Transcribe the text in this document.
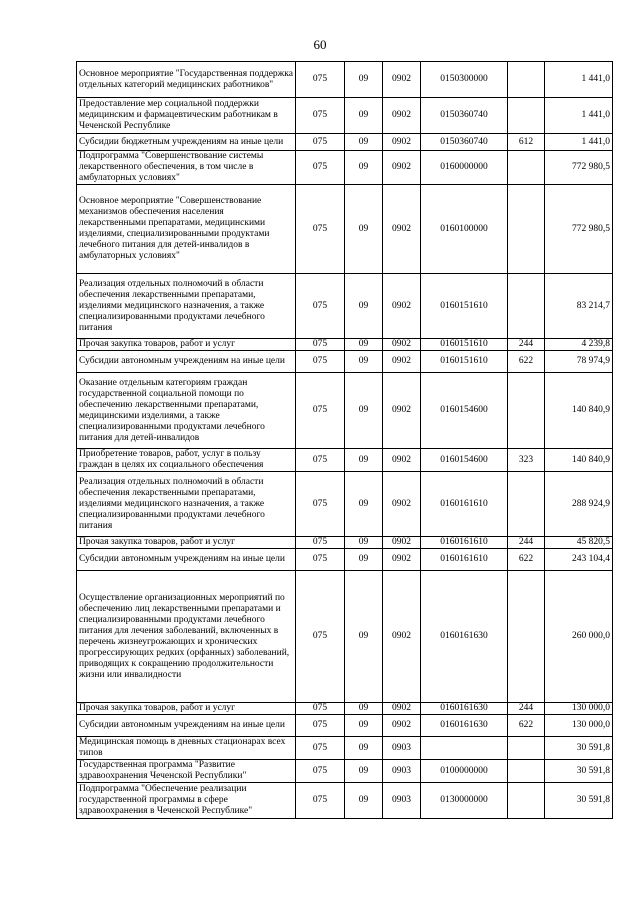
60
Основное мероприятие "Государственная поддержка отдельных категорий медицинских работников"	075	09	0902	0150300000		1 441,0
Предоставление мер социальной поддержки медицинским и фармацевтическим работникам в Чеченской Республике	075	09	0902	0150360740		1 441,0
Субсидии бюджетным учреждениям на иные цели	075	09	0902	0150360740	612	1 441,0
Подпрограмма "Совершенствование системы лекарственного обеспечения, в том числе в амбулаторных условиях"	075	09	0902	0160000000		772 980,5
Основное мероприятие "Совершенствование механизмов обеспечения населения лекарственными препаратами, медицинскими изделиями, специализированными продуктами лечебного питания для детей-инвалидов в амбулаторных условиях"	075	09	0902	0160100000		772 980,5
Реализация отдельных полномочий в области обеспечения лекарственными препаратами, изделиями медицинского назначения, а также специализированными продуктами лечебного питания	075	09	0902	0160151610		83 214,7
Прочая закупка товаров, работ и услуг	075	09	0902	0160151610	244	4 239,8
Субсидии автономным учреждениям на иные цели	075	09	0902	0160151610	622	78 974,9
Оказание отдельным категориям граждан государственной социальной помощи по обеспечению лекарственными препаратами, медицинскими изделиями, а также специализированными продуктами лечебного питания для детей-инвалидов	075	09	0902	0160154600		140 840,9
Приобретение товаров, работ, услуг в пользу граждан в целях их социального обеспечения	075	09	0902	0160154600	323	140 840,9
Реализация отдельных полномочий в области обеспечения лекарственными препаратами, изделиями медицинского назначения, а также специализированными продуктами лечебного питания	075	09	0902	0160161610		288 924,9
Прочая закупка товаров, работ и услуг	075	09	0902	0160161610	244	45 820,5
Субсидии автономным учреждениям на иные цели	075	09	0902	0160161610	622	243 104,4
Осуществление организационных мероприятий по обеспечению лиц лекарственными препаратами и специализированными продуктами лечебного питания для лечения заболеваний, включенных в перечень жизнеугрожающих и хронических прогрессирующих редких (орфанных) заболеваний, приводящих к сокращению продолжительности жизни или инвалидности	075	09	0902	0160161630		260 000,0
Прочая закупка товаров, работ и услуг	075	09	0902	0160161630	244	130 000,0
Субсидии автономным учреждениям на иные цели	075	09	0902	0160161630	622	130 000,0
Медицинская помощь в дневных стационарах всех типов	075	09	0903			30 591,8
Государственная программа "Развитие здравоохранения Чеченской Республики"	075	09	0903	0100000000		30 591,8
Подпрограмма "Обеспечение реализации государственной программы в сфере здравоохранения в Чеченской Республике"	075	09	0903	0130000000		30 591,8
